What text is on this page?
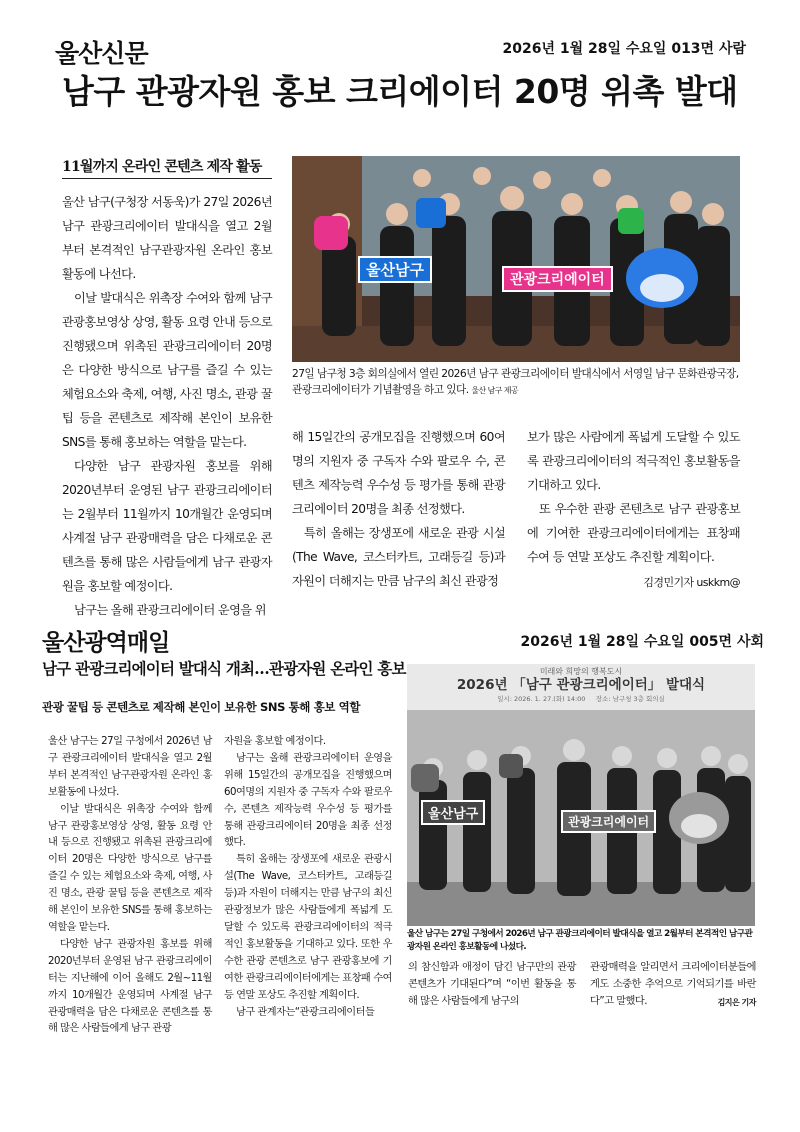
울산신문	2026년 1월 28일 수요일 013면 사람
남구 관광자원 홍보 크리에이터 20명 위촉 발대
11월까지 온라인 콘텐츠 제작 활동

울산 남구(구청장 서동욱)가 27일 2026년 남구 관광크리에이터 발대식을 열고 2월부터 본격적인 남구관광자원 온라인 홍보활동에 나선다.

이날 발대식은 위촉장 수여와 함께 남구 관광홍보영상 상영, 활동 요령 안내 등으로 진행됐으며 위촉된 관광크리에이터 20명은 다양한 방식으로 남구를 즐길 수 있는 체험요소와 축제, 여행, 사진 명소, 관광 꿀팁 등을 콘텐츠로 제작해 본인이 보유한 SNS를 통해 홍보하는 역할을 맡는다.

다양한 남구 관광자원 홍보를 위해 2020년부터 운영된 남구 관광크리에이터는 2월부터 11월까지 10개월간 운영되며 사계절 남구 관광매력을 담은 다채로운 콘텐츠를 통해 많은 사람들에게 남구 관광자원을 홍보할 예정이다.

남구는 올해 관광크리에이터 운영을 위

울산남구
관광크리에이터
27일 남구청 3층 회의실에서 열린 2026년 남구 관광크리에이터 발대식에서 서영일 남구 문화관광국장, 관광크리에이터가 기념촬영을 하고 있다. 울산 남구 제공

해 15일간의 공개모집을 진행했으며 60여명의 지원자 중 구독자 수와 팔로우 수, 콘텐츠 제작능력 우수성 등 평가를 통해 관광크리에이터 20명을 최종 선정했다.

특히 올해는 장생포에 새로운 관광 시설(The Wave, 코스터카트, 고래등길 등)과 자원이 더해지는 만큼 남구의 최신 관광정

보가 많은 사람에게 폭넓게 도달할 수 있도록 관광크리에이터의 적극적인 홍보활동을 기대하고 있다.

또 우수한 관광 콘텐츠로 남구 관광홍보에 기여한 관광크리에이터에게는 표창패 수여 등 연말 포상도 추진할 계획이다.

김경민기자 uskkm@
울산광역매일	2026년 1월 28일 수요일 005면 사회
남구 관광크리에이터 발대식 개최…관광자원 온라인 홍보
관광 꿀팁 등 콘텐츠로 제작해 본인이 보유한 SNS 통해 홍보 역할

울산 남구는 27일 구청에서 2026년 남구 관광크리에이터 발대식을 열고 2월부터 본격적인 남구관광자원 온라인 홍보활동에 나섰다.

이날 발대식은 위촉장 수여와 함께 남구 관광홍보영상 상영, 활동 요령 안내 등으로 진행됐고 위촉된 관광크리에이터 20명은 다양한 방식으로 남구를 즐길 수 있는 체험요소와 축제, 여행, 사진 명소, 관광 꿀팁 등을 콘텐츠로 제작해 본인이 보유한 SNS를 통해 홍보하는 역할을 맡는다.

다양한 남구 관광자원 홍보를 위해 2020년부터 운영된 남구 관광크리에이터는 지난해에 이어 올해도 2월~11월까지 10개월간 운영되며 사계절 남구 관광매력을 담은 다채로운 콘텐츠를 통해 많은 사람들에게 남구 관광

자원을 홍보할 예정이다.

남구는 올해 관광크리에이터 운영을 위해 15일간의 공개모집을 진행했으며 60여명의 지원자 중 구독자 수와 팔로우 수, 콘텐츠 제작능력 우수성 등 평가를 통해 관광크리에이터 20명을 최종 선정했다.

특히 올해는 장생포에 새로운 관광시설(The Wave, 코스터카트, 고래등길 등)과 자원이 더해지는 만큼 남구의 최신 관광정보가 많은 사람들에게 폭넓게 도달할 수 있도록 관광크리에이터의 적극적인 홍보활동을 기대하고 있다. 또한 우수한 관광 콘텐츠로 남구 관광홍보에 기여한 관광크리에이터에게는 표창패 수여 등 연말 포상도 추진할 계획이다.

남구 관계자는“관광크리에이터들

미래와 희망의 행복도시
2026년 「남구 관광크리에이터」 발대식
일시: 2026. 1. 27.(화) 14:00     장소: 남구청 3층 회의실
울산남구	관광크리에이터
울산 남구는 27일 구청에서 2026년 남구 관광크리에이터 발대식을 열고 2월부터 본격적인 남구관광자원 온라인 홍보활동에 나섰다.

의 참신함과 애정이 담긴 남구만의 관광 콘텐츠가 기대된다”며 “이번 활동을 통해 많은 사람들에게 남구의

관광매력을 알리면서 크리에이터분들에게도 소중한 추억으로 기억되기를 바란다”고 말했다.	김지은 기자
